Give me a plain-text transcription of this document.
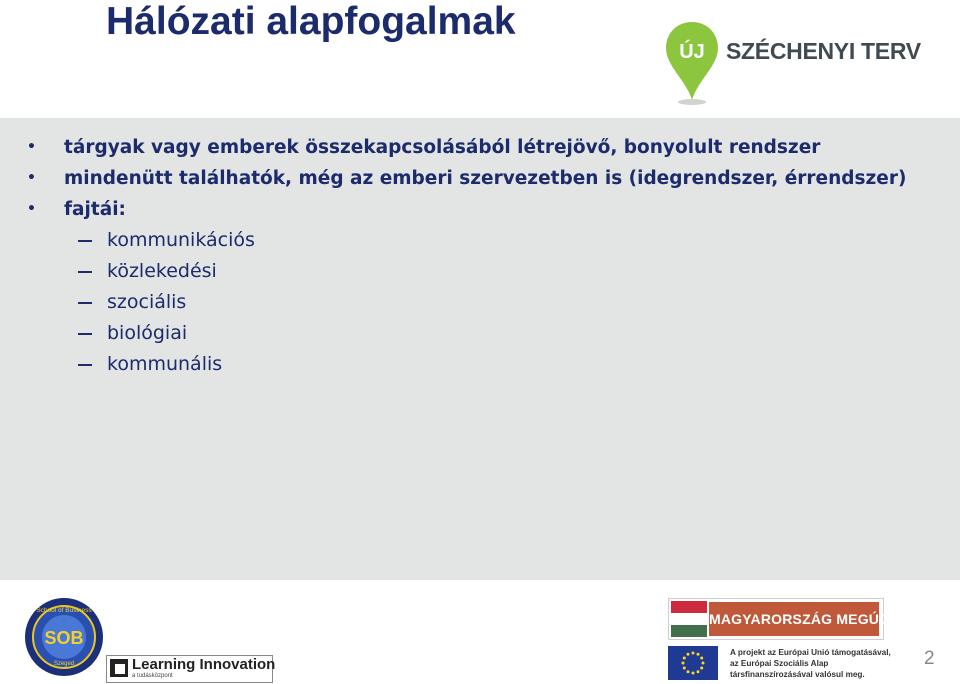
Hálózati alapfogalmak
ÚJ SZÉCHENYI TERV
• tárgyak vagy emberek összekapcsolásából létrejövő, bonyolult rendszer
• mindenütt találhatók, még az emberi szervezetben is (idegrendszer, érrendszer)
• fajtái:
kommunikációs
közlekedési
szociális
biológiai
kommunális
SOB
School of Business
Szeged	Learning Innovation
a tudásközpont
MAGYARORSZÁG MEGÚJUL
A projekt az Európai Unió támogatásával,
az Európai Szociális Alap
társfinanszírozásával valósul meg.
2
